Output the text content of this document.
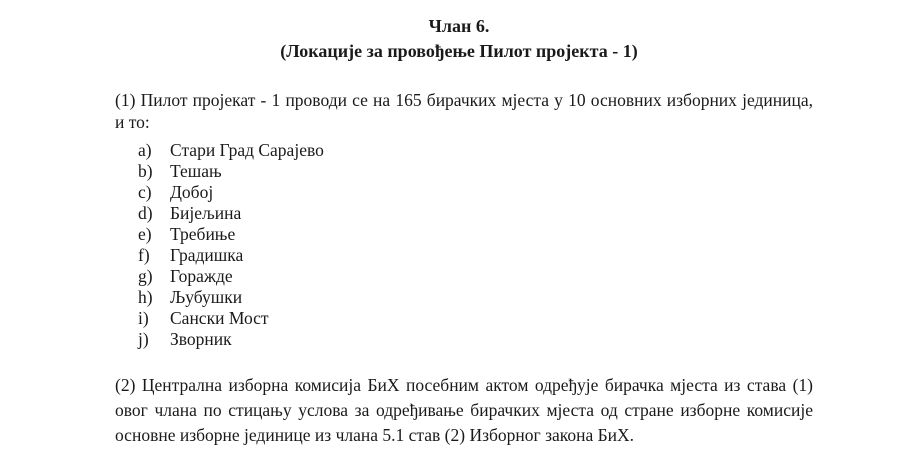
Члан 6.
(Локације за провођење Пилот пројекта - 1)
(1) Пилот пројекат - 1 проводи се на 165 бирачких мјеста у 10 основних изборних јединица, и то:
a)	Стари Град Сарајево
b) Тешањ
c)	Добој
d) Бијељина
e)	Требиње
f)	Градишка
g) Горажде
h) Љубушки
i)	Сански Мост
j)	Зворник
(2) Централна изборна комисија БиХ посебним актом одређује бирачка мјеста из става (1) овог члана по стицању услова за одређивање бирачких мјеста од стране изборне комисије основне изборне јединице из члана 5.1 став (2) Изборног закона БиХ.
